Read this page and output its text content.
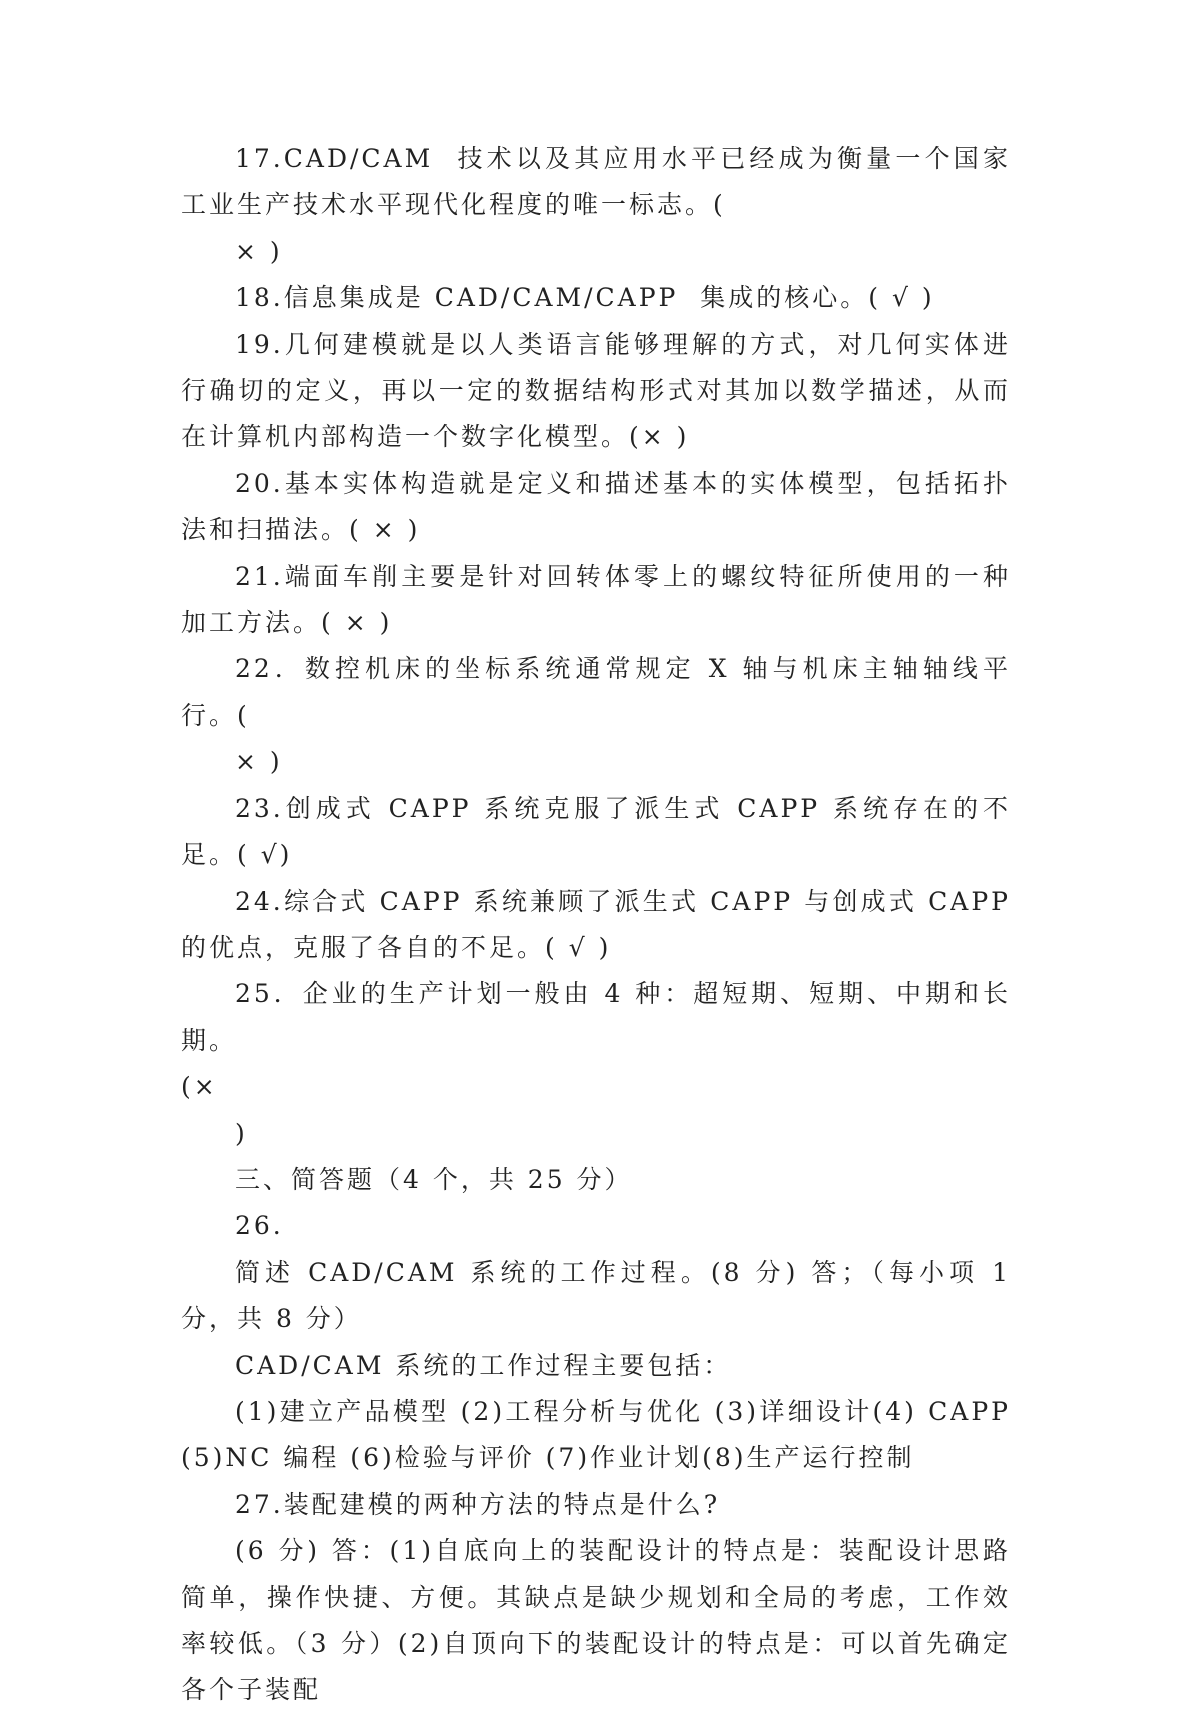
17.CAD/CAM  技术以及其应用水平已经成为衡量一个国家工业生产技术水平现代化程度的唯一标志。(

× )

18.信息集成是 CAD/CAM/CAPP  集成的核心。( √ )

19.几何建模就是以人类语言能够理解的方式，对几何实体进行确切的定义，再以一定的数据结构形式对其加以数学描述，从而在计算机内部构造一个数字化模型。(× )

20.基本实体构造就是定义和描述基本的实体模型，包括拓扑法和扫描法。( × )

21.端面车削主要是针对回转体零上的螺纹特征所使用的一种加工方法。( × )

22．数控机床的坐标系统通常规定 X 轴与机床主轴轴线平行。(

× )

23.创成式 CAPP 系统克服了派生式 CAPP 系统存在的不足。( √)

24.综合式 CAPP 系统兼顾了派生式 CAPP 与创成式 CAPP 的优点，克服了各自的不足。( √ )

25．企业的生产计划一般由 4 种：超短期、短期、中期和长期。

(×

)

三、简答题（4 个，共 25 分）

26.

简述 CAD/CAM 系统的工作过程。(8 分) 答；（每小项 1 分，共 8 分）

CAD/CAM 系统的工作过程主要包括：

(1)建立产品模型 (2)工程分析与优化 (3)详细设计(4) CAPP (5)NC 编程 (6)检验与评价 (7)作业计划(8)生产运行控制

27.装配建模的两种方法的特点是什么?

(6 分) 答：(1)自底向上的装配设计的特点是：装配设计思路简单，操作快捷、方便。其缺点是缺少规划和全局的考虑，工作效率较低。（3 分）(2)自顶向下的装配设计的特点是：可以首先确定各个子装配
